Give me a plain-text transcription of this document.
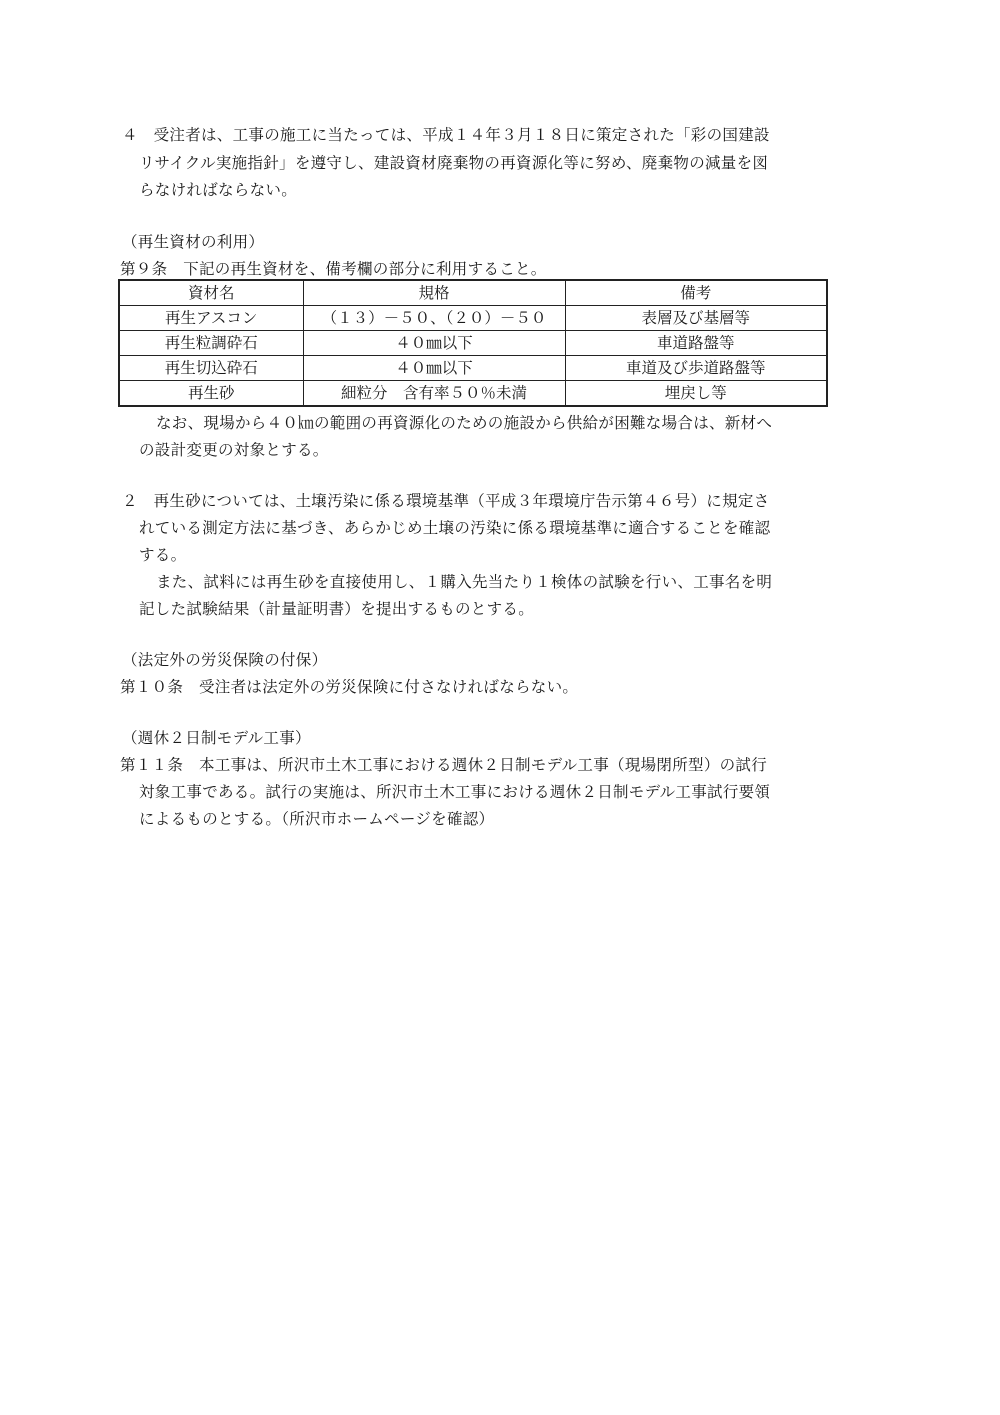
４　受注者は、工事の施工に当たっては、平成１４年３月１８日に策定された「彩の国建設
リサイクル実施指針」を遵守し、建設資材廃棄物の再資源化等に努め、廃棄物の減量を図
らなければならない。
（再生資材の利用）
第９条　下記の再生資材を、備考欄の部分に利用すること。
資材名	規格	備考
再生アスコン	（１３）－５０、（２０）－５０	表層及び基層等
再生粒調砕石	４０㎜以下	車道路盤等
再生切込砕石	４０㎜以下	車道及び歩道路盤等
再生砂	細粒分　含有率５０％未満	埋戻し等
なお、現場から４０㎞の範囲の再資源化のための施設から供給が困難な場合は、新材へ
の設計変更の対象とする。
２　再生砂については、土壌汚染に係る環境基準（平成３年環境庁告示第４６号）に規定さ
れている測定方法に基づき、あらかじめ土壌の汚染に係る環境基準に適合することを確認
する。
また、試料には再生砂を直接使用し、１購入先当たり１検体の試験を行い、工事名を明
記した試験結果（計量証明書）を提出するものとする。
（法定外の労災保険の付保）
第１０条　受注者は法定外の労災保険に付さなければならない。
（週休２日制モデル工事）
第１１条　本工事は、所沢市土木工事における週休２日制モデル工事（現場閉所型）の試行
対象工事である。試行の実施は、所沢市土木工事における週休２日制モデル工事試行要領
によるものとする。（所沢市ホームページを確認）
